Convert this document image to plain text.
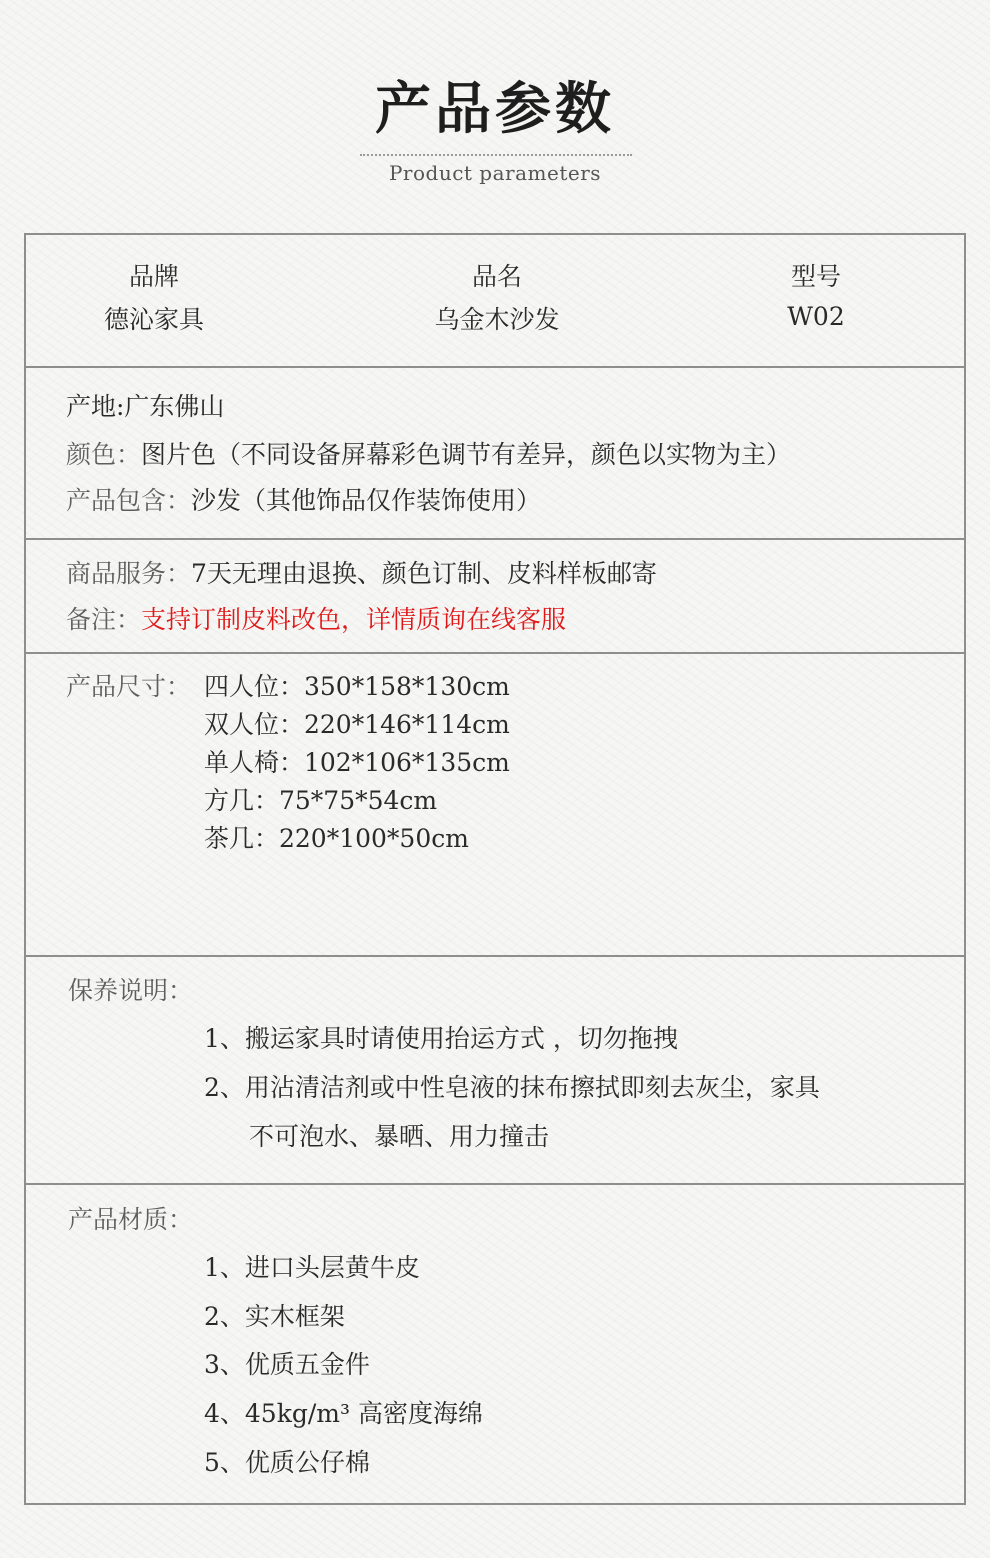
产品参数
Product parameters
品牌
德沁家具
品名
乌金木沙发
型号
W02
产地:广东佛山
颜色：图片色（不同设备屏幕彩色调节有差异，颜色以实物为主）
产品包含：沙发（其他饰品仅作装饰使用）
商品服务：7天无理由退换、颜色订制、皮料样板邮寄
备注：支持订制皮料改色，详情质询在线客服
产品尺寸： 四人位：350*158*130cm
双人位：220*146*114cm
单人椅：102*106*135cm
方几：75*75*54cm
茶几：220*100*50cm
保养说明：
1、搬运家具时请使用抬运方式 ，切勿拖拽
2、用沾清洁剂或中性皂液的抹布擦拭即刻去灰尘，家具
不可泡水、暴晒、用力撞击
产品材质：
1、进口头层黄牛皮
2、实木框架
3、优质五金件
4、45kg/m³ 高密度海绵
5、优质公仔棉
